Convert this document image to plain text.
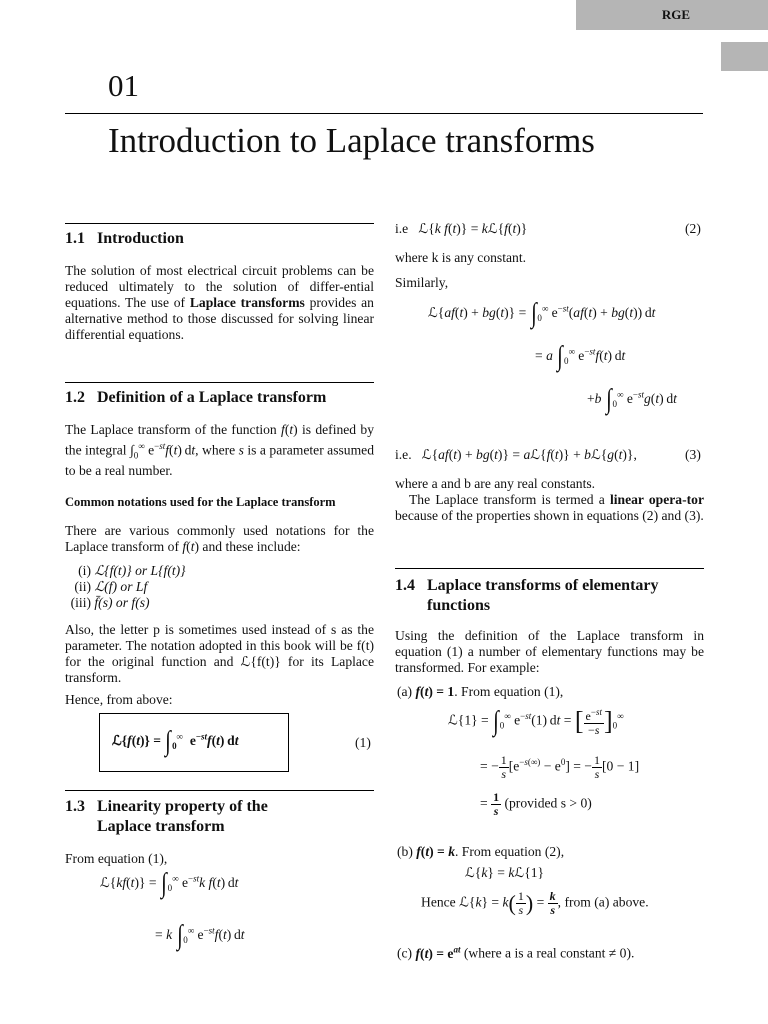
RGE
01
Introduction to Laplace transforms
1.1 Introduction
The solution of most electrical circuit problems can be reduced ultimately to the solution of differ-ential equations. The use of Laplace transforms provides an alternative method to those discussed for solving linear differential equations.
1.2 Definition of a Laplace transform
The Laplace transform of the function f(t) is defined by the integral $\int_0^\infty$ $e^{-st}f(t)$ dt, where s is a parameter assumed to be a real number.
Common notations used for the Laplace transform
There are various commonly used notations for the Laplace transform of f(t) and these include:
(i) ℒ{f(t)} or L{f(t)}
(ii) ℒ(f) or Lf
(iii) f̄(s) or f(s)
Also, the letter p is sometimes used instead of s as the parameter. The notation adopted in this book will be f(t) for the original function and ℒ{f(t)} for its Laplace transform.
Hence, from above:
ℒ{f(t)} = $\int_0^\infty$  $e^{-st}f(t)$ dt	(1)
1.3 Linearity property of the Laplace transform
From equation (1),
ℒ{kf(t)} = $\int_0^\infty$ $e^{-st}k$ f(t) dt
= k $\int_0^\infty$ $e^{-st}f(t)$ dt
i.e   ℒ{k f(t)} = kℒ{f(t)}	(2)
where k is any constant.
Similarly,
ℒ{af(t) + $bg(t)\} = \int_0^\infty$ $e^{-st}(af(t) + bg(t))$ dt
= a $\int_0^\infty$ $e^{-st}f(t)$ dt
+b $\int_0^\infty$ $e^{-st}g(t)$ dt
i.e.   ℒ{af(t) + bg(t)} = aℒ{f(t)} + bℒ{g(t)},	(3)
where a and b are any real constants.
The Laplace transform is termed a linear opera-tor because of the properties shown in equations (2) and (3).
1.4 Laplace transforms of elementary functions
Using the definition of the Laplace transform in equation (1) a number of elementary functions may be transformed. For example:
(a) f(t) = 1. From equation (1),
ℒ{1} = $\int_0^\infty$ $e^{-st}(1)$ dt = [ $\frac{e^{-st}}{-s} ]_0^\infty$
= − $\frac{1}{s} [e^{-s(\infty)} - e^0]$ = − $\frac{1}{s} [0 - 1]$
= $\frac{1}{s}$ (provided s > 0)
(b) f(t) = k. From equation (2),
ℒ{k} = kℒ{1}
Hence ℒ{k} = $k( \frac{1}{s}$ ) = $\frac{k}{s}$ , from (a) above.
(c) $f(t) = e^{at}$ (where a is a real constant ≠ 0).
